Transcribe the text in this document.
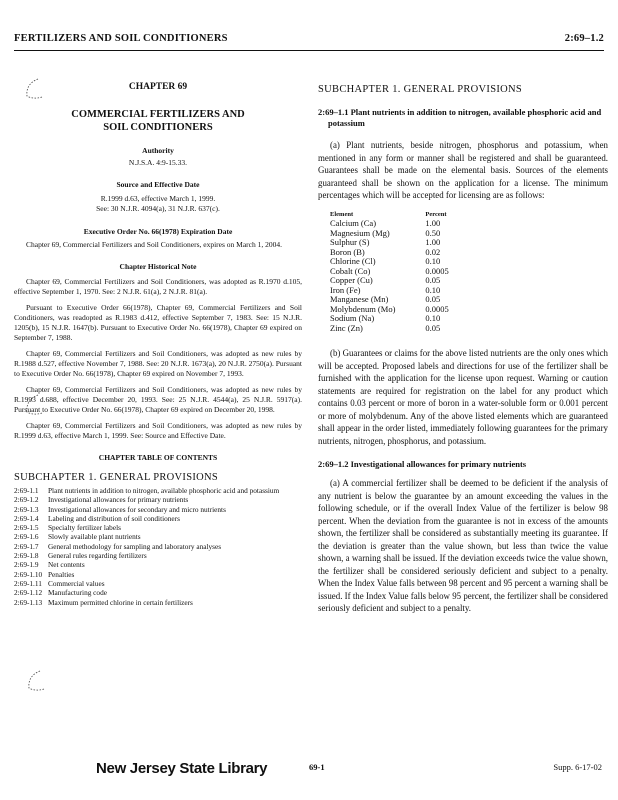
FERTILIZERS AND SOIL CONDITIONERS	2:69–1.2
CHAPTER 69
COMMERCIAL FERTILIZERS AND
SOIL CONDITIONERS
Authority
N.J.S.A. 4:9-15.33.
Source and Effective Date
R.1999 d.63, effective March 1, 1999.
See: 30 N.J.R. 4094(a), 31 N.J.R. 637(c).
Executive Order No. 66(1978) Expiration Date

Chapter 69, Commercial Fertilizers and Soil Conditioners, expires on March 1, 2004.

Chapter Historical Note

Chapter 69, Commercial Fertilizers and Soil Conditioners, was adopted as R.1970 d.105, effective September 1, 1970. See: 2 N.J.R. 61(a), 2 N.J.R. 81(a).

Pursuant to Executive Order 66(1978), Chapter 69, Commercial Fertilizers and Soil Conditioners, was readopted as R.1983 d.412, effective September 7, 1983. See: 15 N.J.R. 1205(b), 15 N.J.R. 1647(b). Pursuant to Executive Order No. 66(1978), Chapter 69 expired on September 7, 1988.

Chapter 69, Commercial Fertilizers and Soil Conditioners, was adopted as new rules by R.1988 d.527, effective November 7, 1988. See: 20 N.J.R. 1673(a), 20 N.J.R. 2750(a). Pursuant to Executive Order No. 66(1978), Chapter 69 expired on November 7, 1993.

Chapter 69, Commercial Fertilizers and Soil Conditioners, was adopted as new rules by R.1993 d.688, effective December 20, 1993. See: 25 N.J.R. 4544(a), 25 N.J.R. 5917(a). Pursuant to Executive Order No. 66(1978), Chapter 69 expired on December 20, 1998.

Chapter 69, Commercial Fertilizers and Soil Conditioners, was adopted as new rules by R.1999 d.63, effective March 1, 1999. See: Source and Effective Date.

CHAPTER TABLE OF CONTENTS
SUBCHAPTER 1. GENERAL PROVISIONS
2:69-1.1	Plant nutrients in addition to nitrogen, available phosphoric acid and potassium
2:69-1.2	Investigational allowances for primary nutrients
2:69-1.3	Investigational allowances for secondary and micro nutrients
2:69-1.4	Labeling and distribution of soil conditioners
2:69-1.5	Specialty fertilizer labels
2:69-1.6	Slowly available plant nutrients
2:69-1.7	General methodology for sampling and laboratory analyses
2:69-1.8	General rules regarding fertilizers
2:69-1.9	Net contents
2:69-1.10 Penalties
2:69-1.11 Commercial values
2:69-1.12 Manufacturing code
2:69-1.13 Maximum permitted chlorine in certain fertilizers
SUBCHAPTER 1. GENERAL PROVISIONS
2:69–1.1 Plant nutrients in addition to nitrogen, available phosphoric acid and potassium

(a) Plant nutrients, beside nitrogen, phosphorus and potassium, when mentioned in any form or manner shall be registered and shall be guaranteed. Guarantees shall be made on the elemental basis. Sources of the elements guaranteed shall be shown on the application for a license. The minimum percentages which will be accepted for licensing are as follows:

Element	Percent
Calcium (Ca)	1.00
Magnesium (Mg)	0.50
Sulphur (S)	1.00
Boron (B)	0.02
Chlorine (Cl)	0.10
Cobalt (Co)	0.0005
Copper (Cu)	0.05
Iron (Fe)	0.10
Manganese (Mn)	0.05
Molybdenum (Mo)	0.0005
Sodium (Na)	0.10
Zinc (Zn)	0.05

(b) Guarantees or claims for the above listed nutrients are the only ones which will be accepted. Proposed labels and directions for use of the fertilizer shall be furnished with the application for the license upon request. Warning or caution statements are required for registration on the label for any product which contains 0.03 percent or more of boron in a water-soluble form or 0.001 percent or more of molybdenum. Any of the above listed elements which are guaranteed shall appear in the order listed, immediately following guarantees for the primary nutrients, nitrogen, phosphorus, and potassium.

2:69–1.2 Investigational allowances for primary nutrients

(a) A commercial fertilizer shall be deemed to be deficient if the analysis of any nutrient is below the guarantee by an amount exceeding the values in the following schedule, or if the overall Index Value of the fertilizer is below 98 percent. When the deviation from the guarantee is not in excess of the amounts shown, the fertilizer shall be considered as substantially meeting its guarantee. If the deviation is greater than the value shown, but less than twice the value shown, a warning shall be issued. If the deviation exceeds twice the value shown, the fertilizer shall be considered seriously deficient and subject to a penalty. When the Index Value falls between 98 percent and 95 percent a warning shall be issued. If the Index Value falls below 95 percent, the fertilizer shall be considered seriously deficient and subject to a penalty.

New Jersey State Library	69-1	Supp. 6-17-02
